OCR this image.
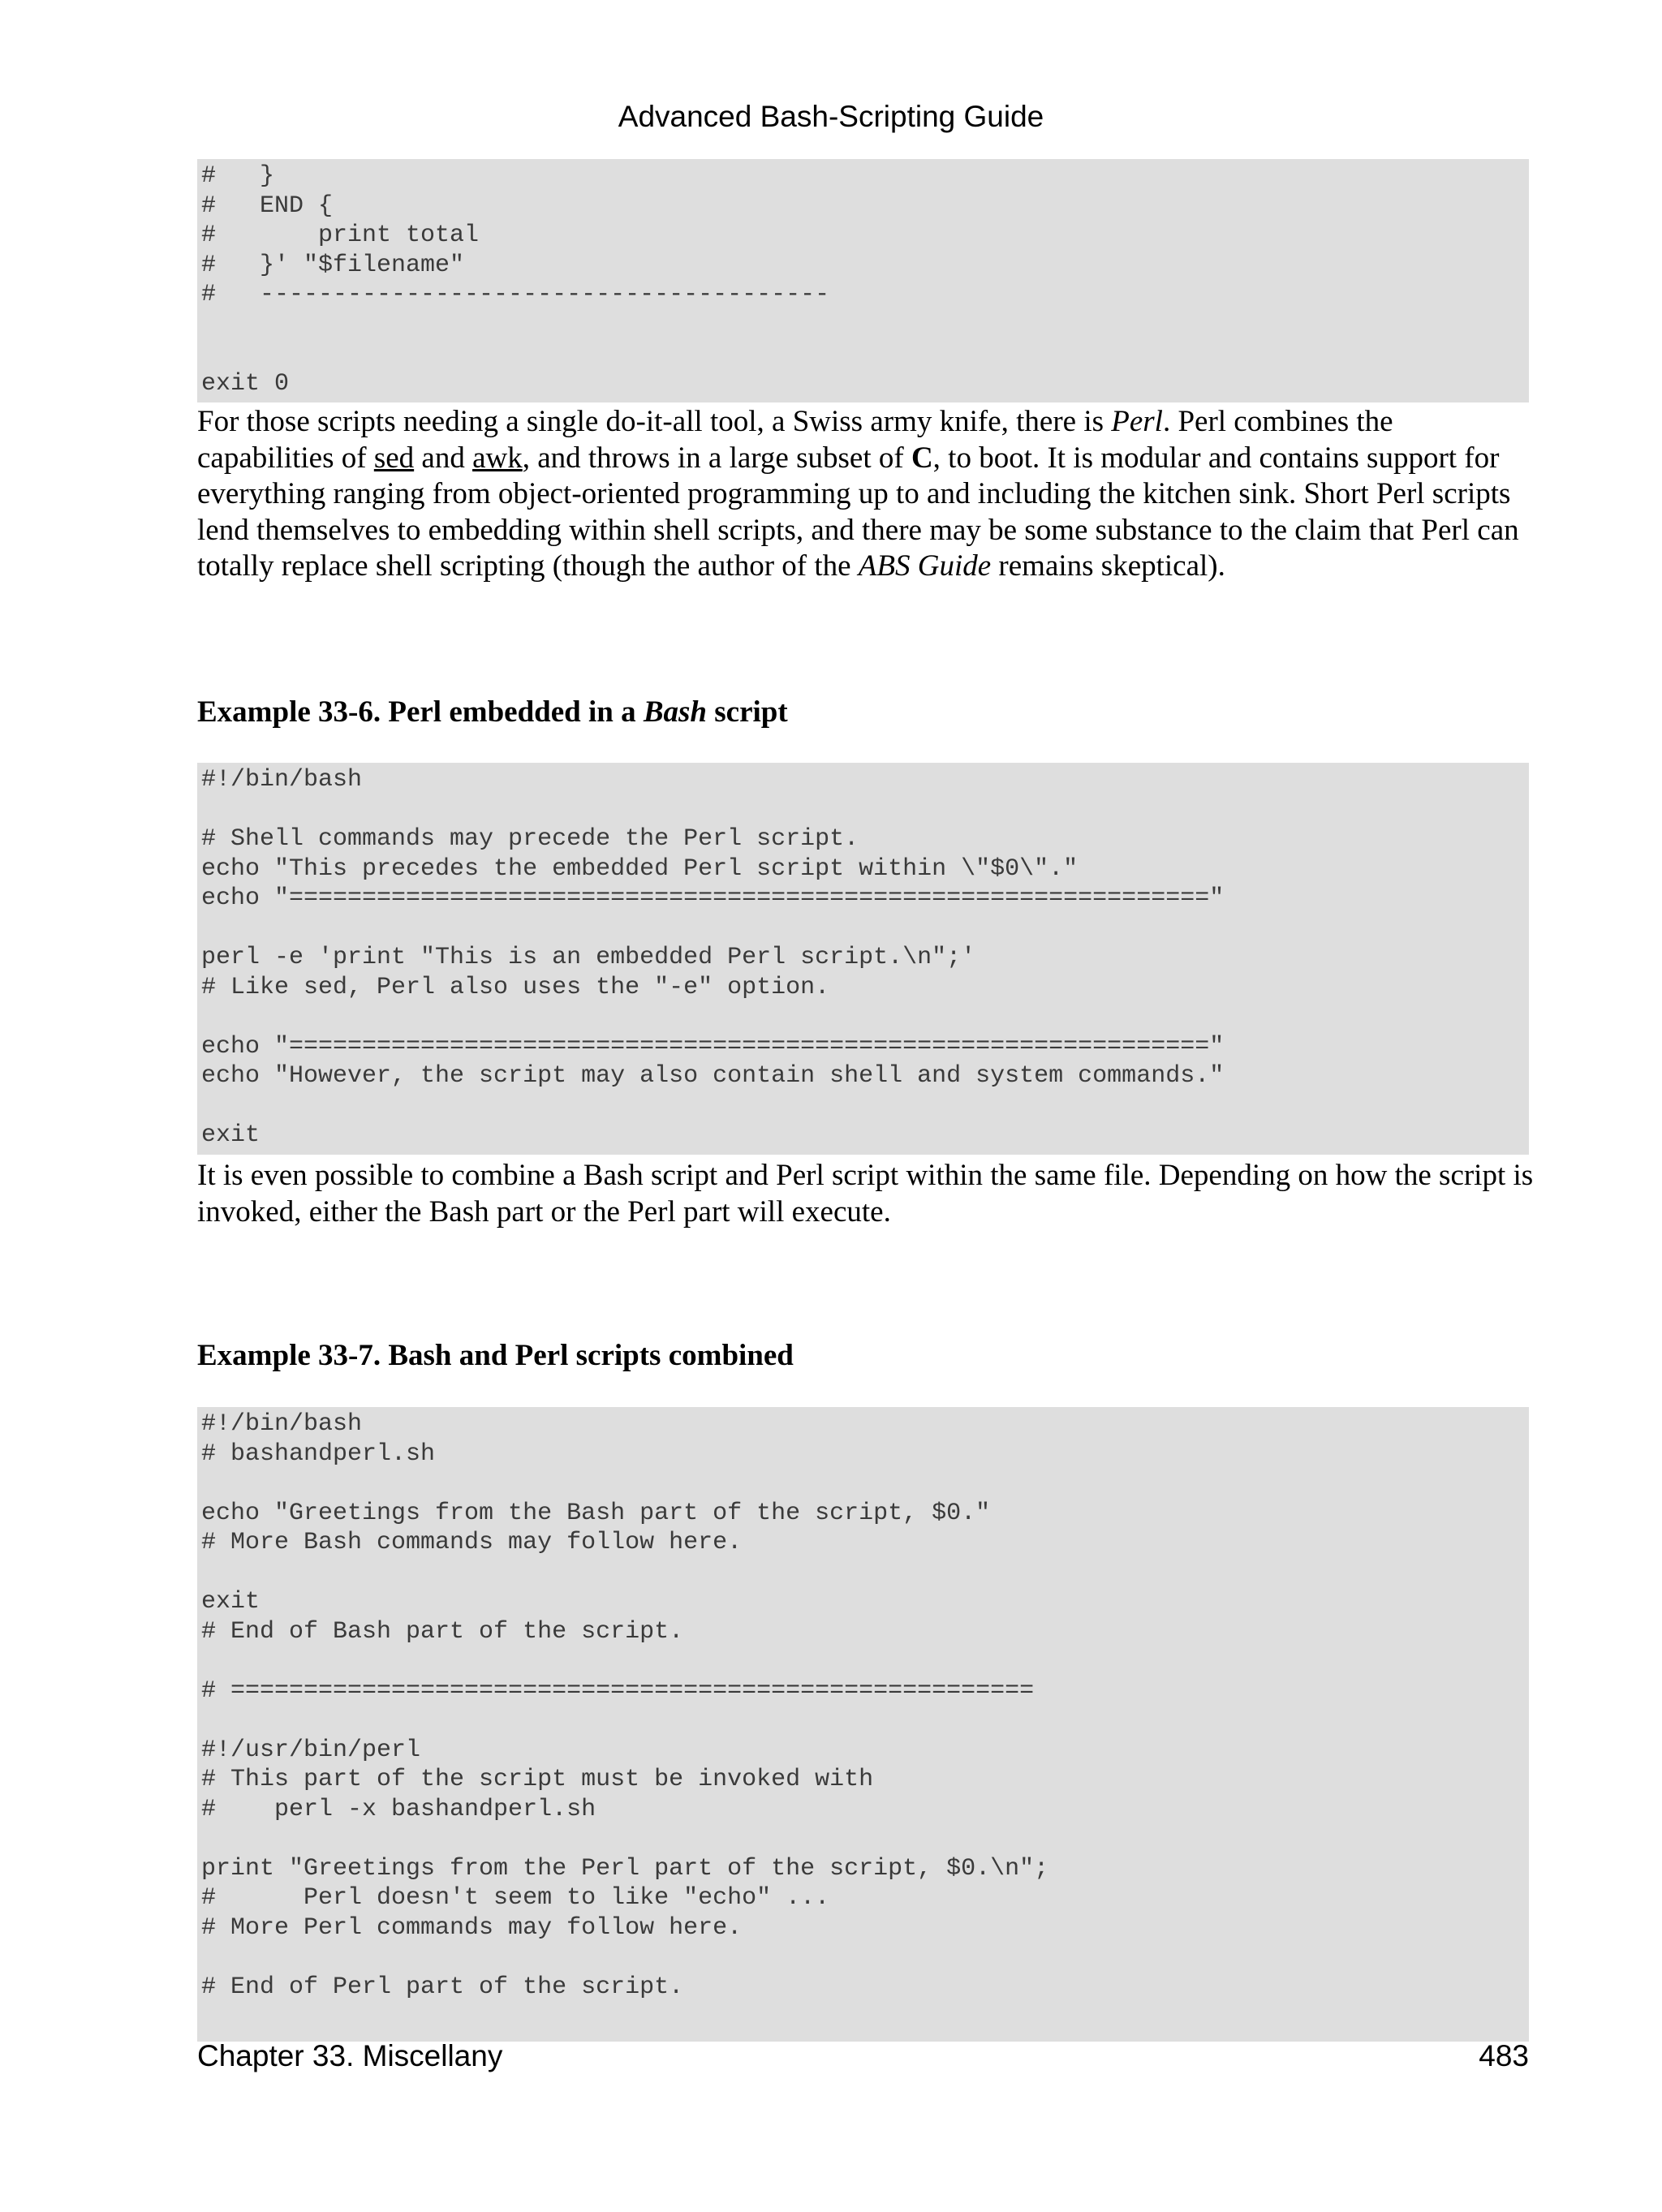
Advanced Bash-Scripting Guide
#   }
#   END {
#       print total
#   }' "$filename"
#   ---------------------------------------

exit 0

For those scripts needing a single do-it-all tool, a Swiss army knife, there is Perl. Perl combines the capabilities of sed and awk, and throws in a large subset of C, to boot. It is modular and contains support for everything ranging from object-oriented programming up to and including the kitchen sink. Short Perl scripts lend themselves to embedding within shell scripts, and there may be some substance to the claim that Perl can totally replace shell scripting (though the author of the ABS Guide remains skeptical).

Example 33-6. Perl embedded in a Bash script
#!/bin/bash

# Shell commands may precede the Perl script.
echo "This precedes the embedded Perl script within \"$0\"."
echo "==============================================================="

perl -e 'print "This is an embedded Perl script.\n";'
# Like sed, Perl also uses the "-e" option.

echo "==============================================================="
echo "However, the script may also contain shell and system commands."

exit

It is even possible to combine a Bash script and Perl script within the same file. Depending on how the script is invoked, either the Bash part or the Perl part will execute.

Example 33-7. Bash and Perl scripts combined
#!/bin/bash
# bashandperl.sh

echo "Greetings from the Bash part of the script, $0."
# More Bash commands may follow here.

exit
# End of Bash part of the script.

# =======================================================

#!/usr/bin/perl
# This part of the script must be invoked with
#    perl -x bashandperl.sh

print "Greetings from the Perl part of the script, $0.\n";
#      Perl doesn't seem to like "echo" ...
# More Perl commands may follow here.

# End of Perl part of the script.
Chapter 33. Miscellany	483
